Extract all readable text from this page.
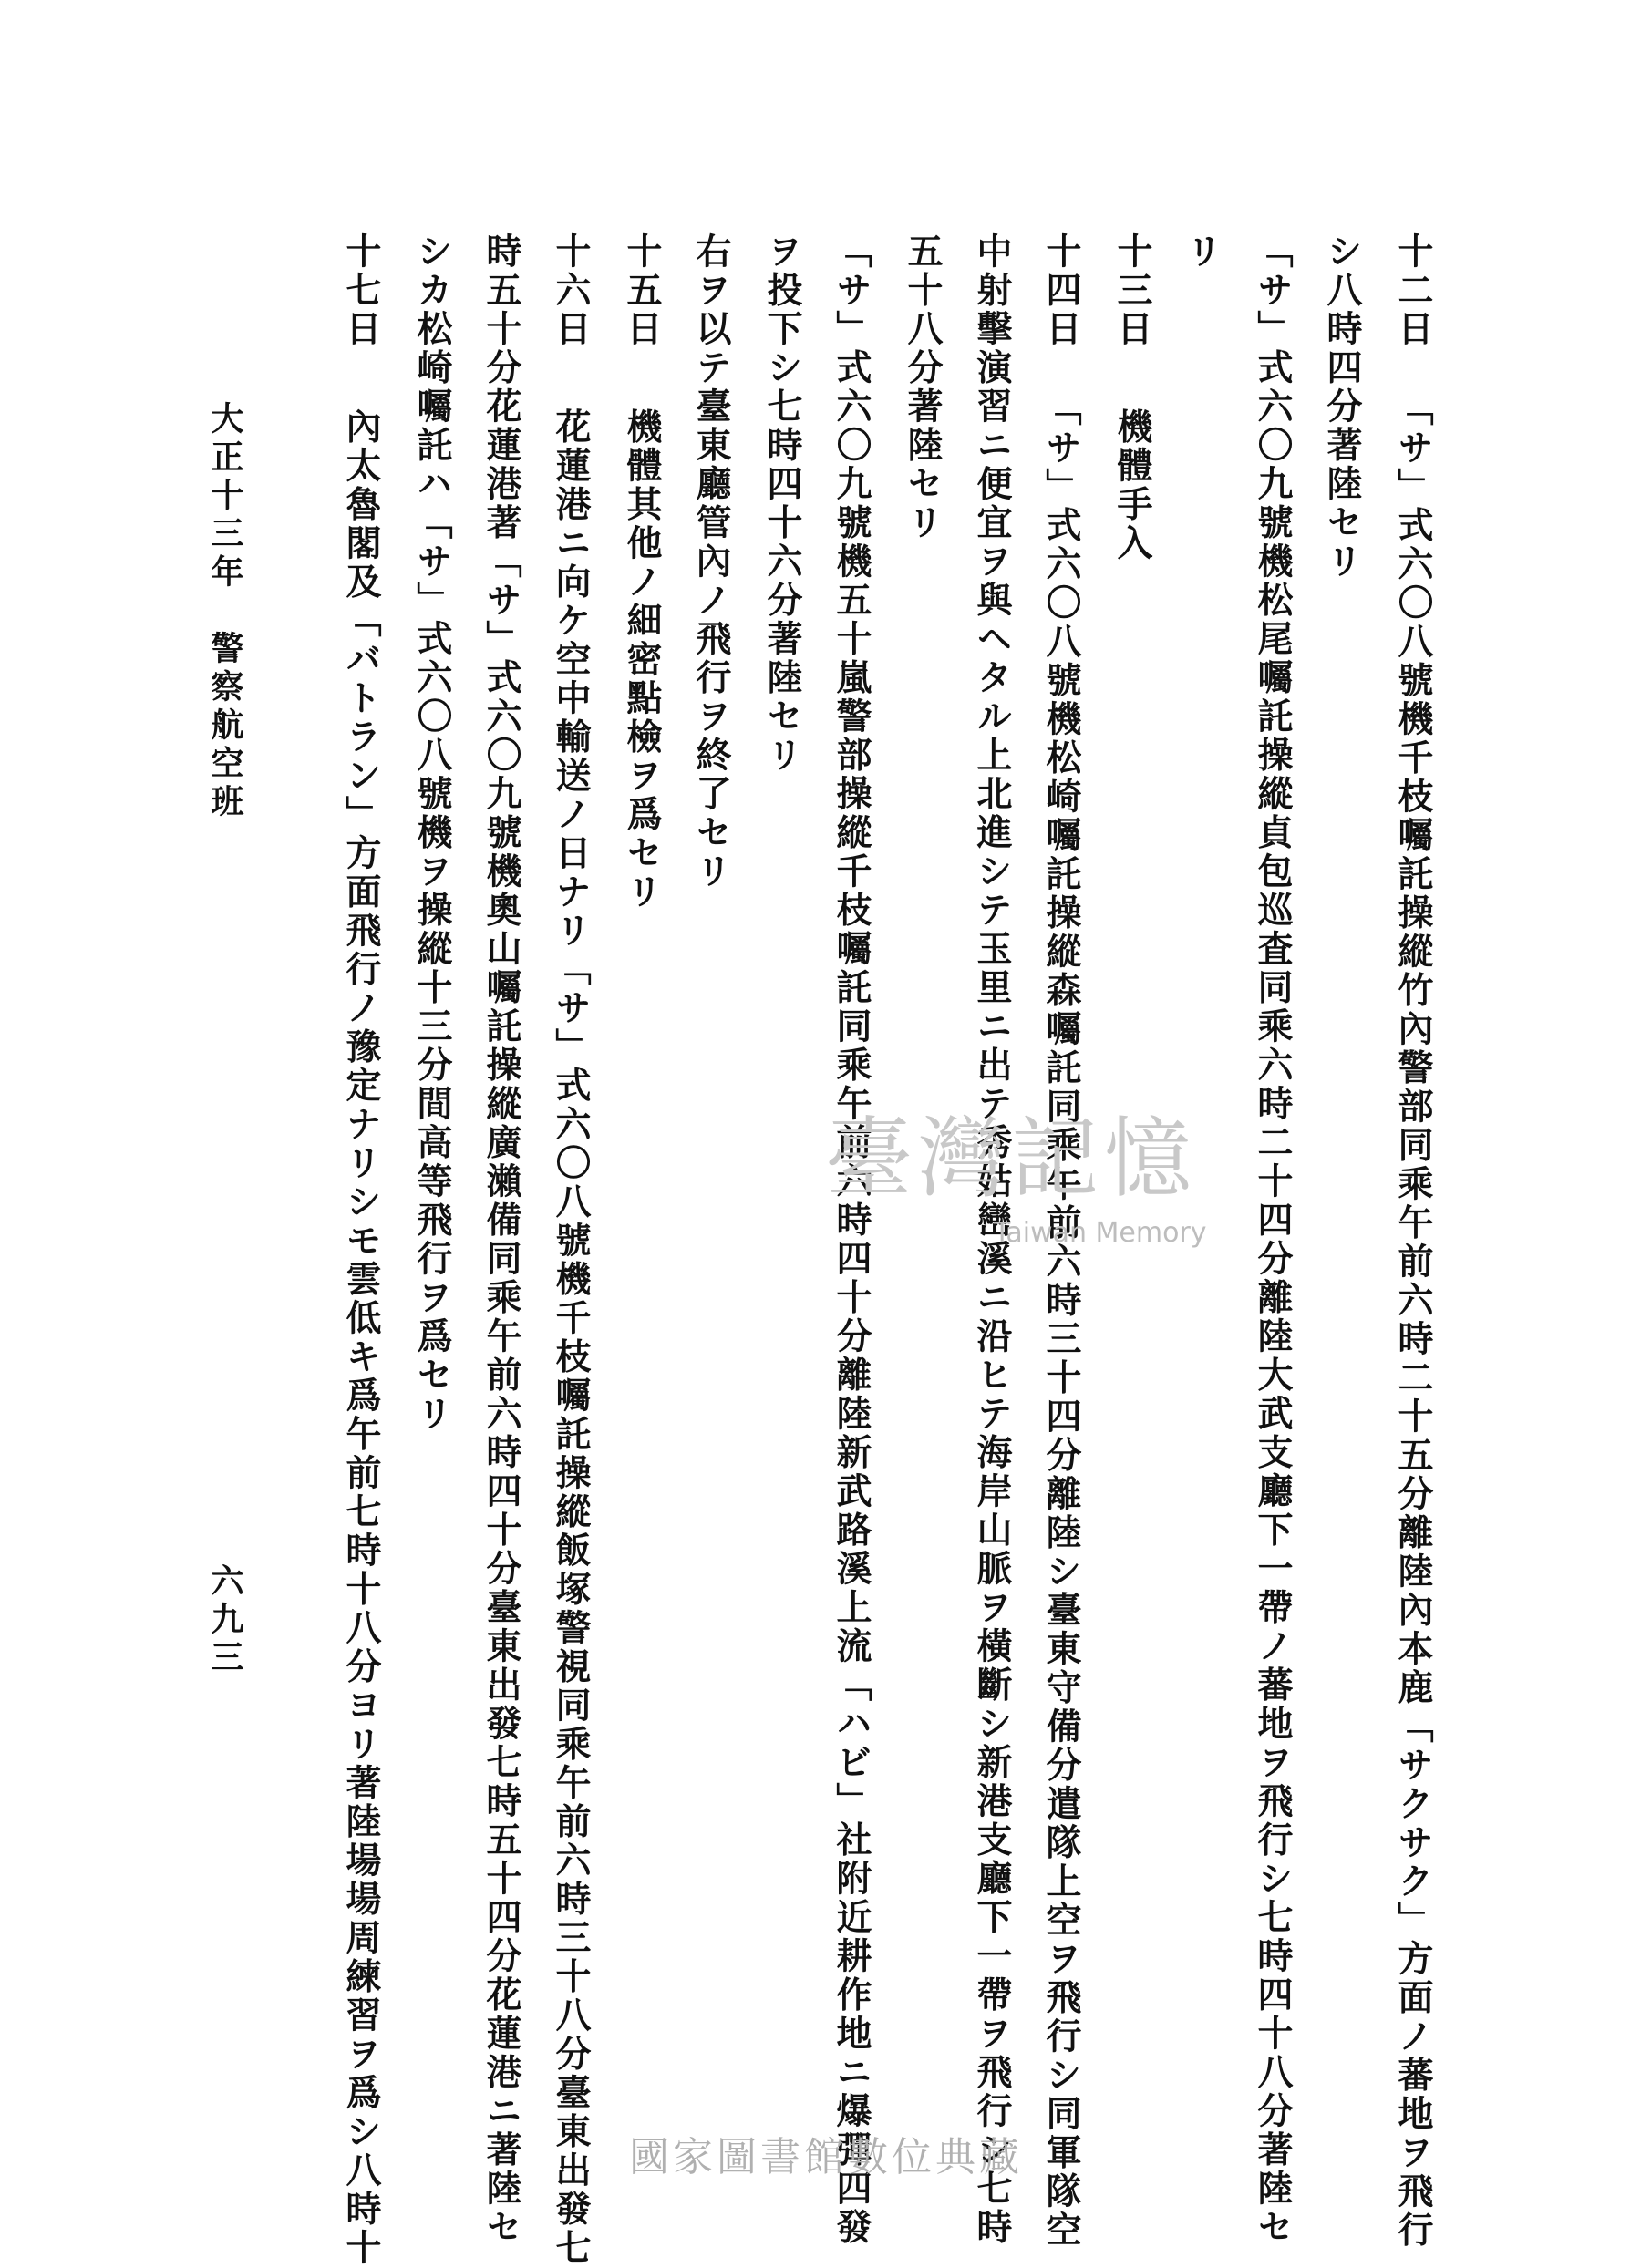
十二日　「サ」式六〇八號機千枝囑託操縱竹內警部同乘午前六時二十五分離陸內本鹿「サクサク」方面ノ蕃地ヲ飛行
シ八時四分著陸セリ
「サ」式六〇九號機松尾囑託操縱貞包巡査同乘六時二十四分離陸大武支廳下一帶ノ蕃地ヲ飛行シ七時四十八分著陸セ
リ
十三日　機體手入
十四日　「サ」式六〇八號機松崎囑託操縱森囑託同乘午前六時三十四分離陸シ臺東守備分遣隊上空ヲ飛行シ同軍隊空
中射擊演習ニ便宜ヲ與ヘタル上北進シテ玉里ニ出テ秀姑巒溪ニ沿ヒテ海岸山脈ヲ橫斷シ新港支廳下一帶ヲ飛行シ七時
五十八分著陸セリ
「サ」式六〇九號機五十嵐警部操縱千枝囑託同乘午前六時四十分離陸新武路溪上流「ハビ」社附近耕作地ニ爆彈四發
ヲ投下シ七時四十六分著陸セリ
右ヲ以テ臺東廳管內ノ飛行ヲ終了セリ
十五日　機體其他ノ細密點檢ヲ爲セリ
十六日　花蓮港ニ向ケ空中輸送ノ日ナリ「サ」式六〇八號機千枝囑託操縱飯塚警視同乘午前六時三十八分臺東出發七
時五十分花蓮港著「サ」式六〇九號機奧山囑託操縱廣瀨備同乘午前六時四十分臺東出發七時五十四分花蓮港ニ著陸セ
シカ松崎囑託ハ「サ」式六〇八號機ヲ操縱十三分間高等飛行ヲ爲セリ
十七日　內太魯閣及「バトラン」方面飛行ノ豫定ナリシモ雲低キ爲午前七時十八分ヨリ著陸場場周練習ヲ爲シ八時十
大正十三年　警察航空班
六九三
臺灣記憶
Taiwan Memory
國家圖書館數位典藏
